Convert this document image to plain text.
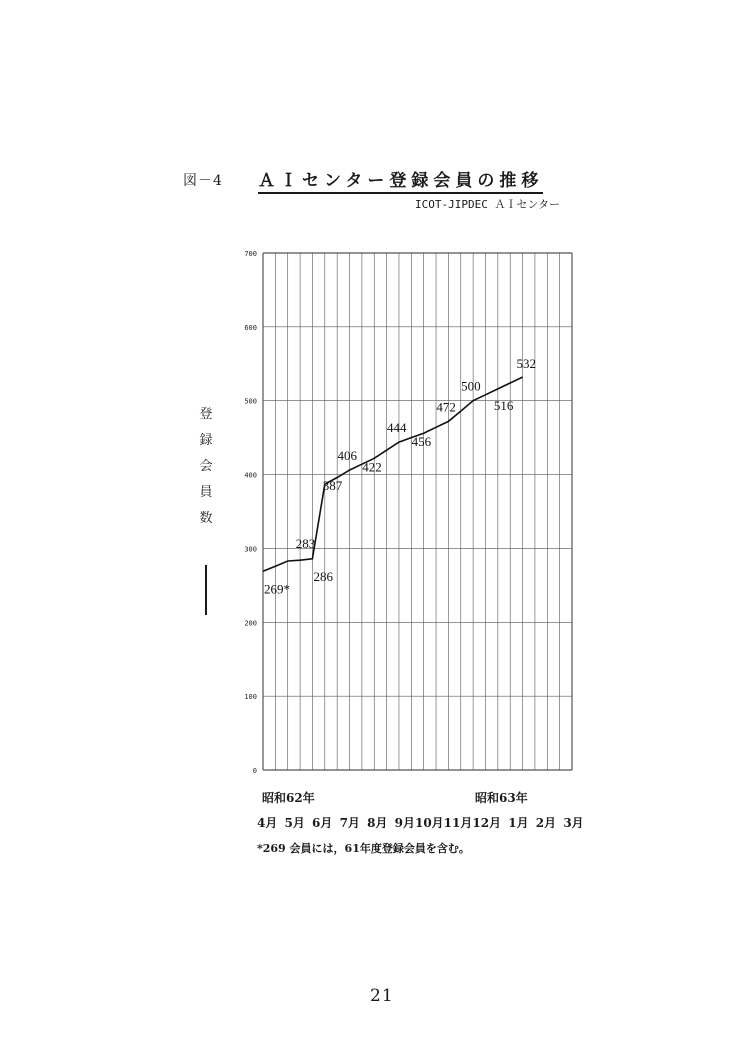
図－4 ＡＩセンター登録会員の推移
ICOT-JIPDEC ＡＩセンター
登
録
会
員
数
0
100
200
300
400
500
600
700
269*
283
286
387
406
422
444
456
472
500
516
532
昭和62年	昭和63年
4月 5月 6月 7月 8月 9月10月11月12月 1月 2月 3月
*269 会員には，61年度登録会員を含む。
21
